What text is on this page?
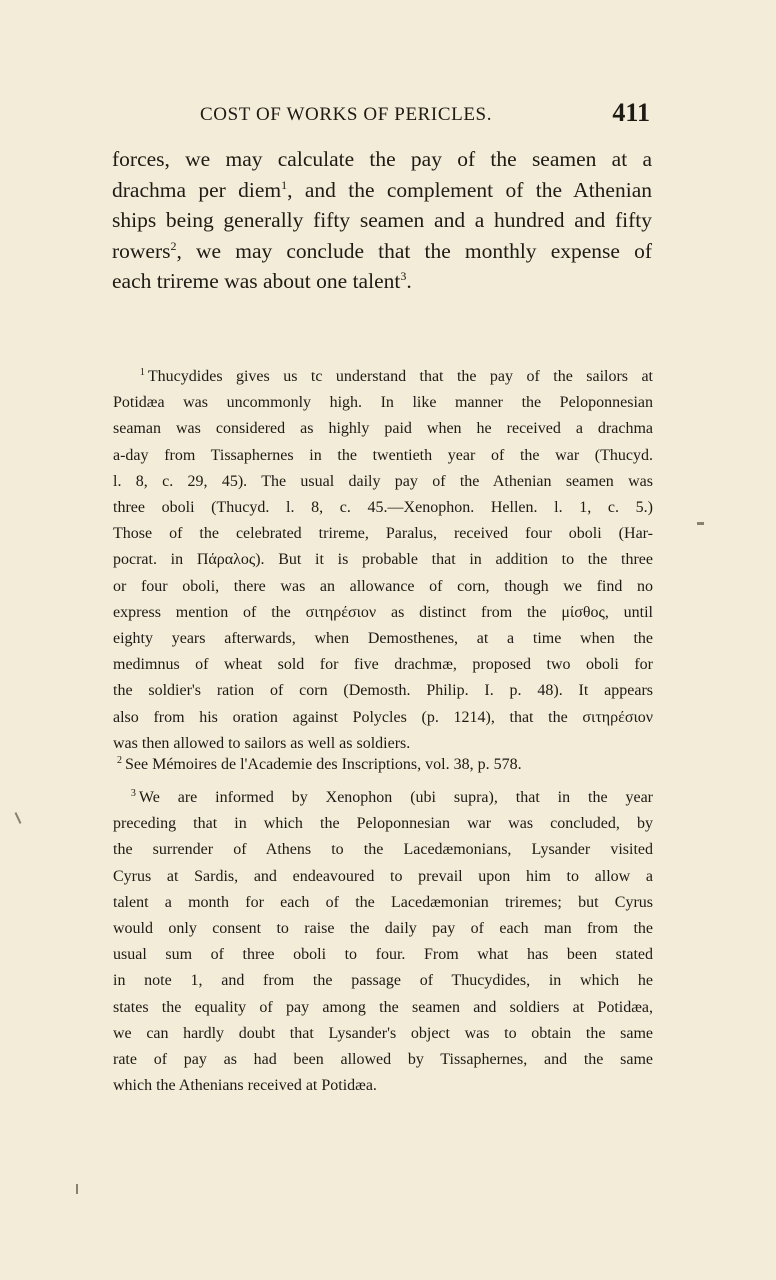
COST OF WORKS OF PERICLES.	411
forces, we may calculate the pay of the seamen at a
drachma per diem$^1$, and the complement of the Athenian
ships being generally fifty seamen and a hundred and fifty
rowers$^2$, we may conclude that the monthly expense of
each trireme was about one talent$^3$.
$^1$ Thucydides gives us tc understand that the pay of the sailors at
Potidæa was uncommonly high. In like manner the Peloponnesian
seaman was considered as highly paid when he received a drachma
a-day from Tissaphernes in the twentieth year of the war (Thucyd.
l. 8, c. 29, 45). The usual daily pay of the Athenian seamen was
three oboli (Thucyd. l. 8, c. 45.—Xenophon. Hellen. l. 1, c. 5.)
Those of the celebrated trireme, Paralus, received four oboli (Har-
pocrat. in Πάραλος). But it is probable that in addition to the three
or four oboli, there was an allowance of corn, though we find no
express mention of the σιτηρέσιον as distinct from the μίσθος, until
eighty years afterwards, when Demosthenes, at a time when the
medimnus of wheat sold for five drachmæ, proposed two oboli for
the soldier's ration of corn (Demosth. Philip. I. p. 48). It appears
also from his oration against Polycles (p. 1214), that the σιτηρέσιον
was then allowed to sailors as well as soldiers.
$^2$ See Mémoires de l'Academie des Inscriptions, vol. 38, p. 578.
$^3$ We are informed by Xenophon (ubi supra), that in the year
preceding that in which the Peloponnesian war was concluded, by
the surrender of Athens to the Lacedæmonians, Lysander visited
Cyrus at Sardis, and endeavoured to prevail upon him to allow a
talent a month for each of the Lacedæmonian triremes; but Cyrus
would only consent to raise the daily pay of each man from the
usual sum of three oboli to four. From what has been stated
in note 1, and from the passage of Thucydides, in which he
states the equality of pay among the seamen and soldiers at Potidæa,
we can hardly doubt that Lysander's object was to obtain the same
rate of pay as had been allowed by Tissaphernes, and the same
which the Athenians received at Potidæa.
